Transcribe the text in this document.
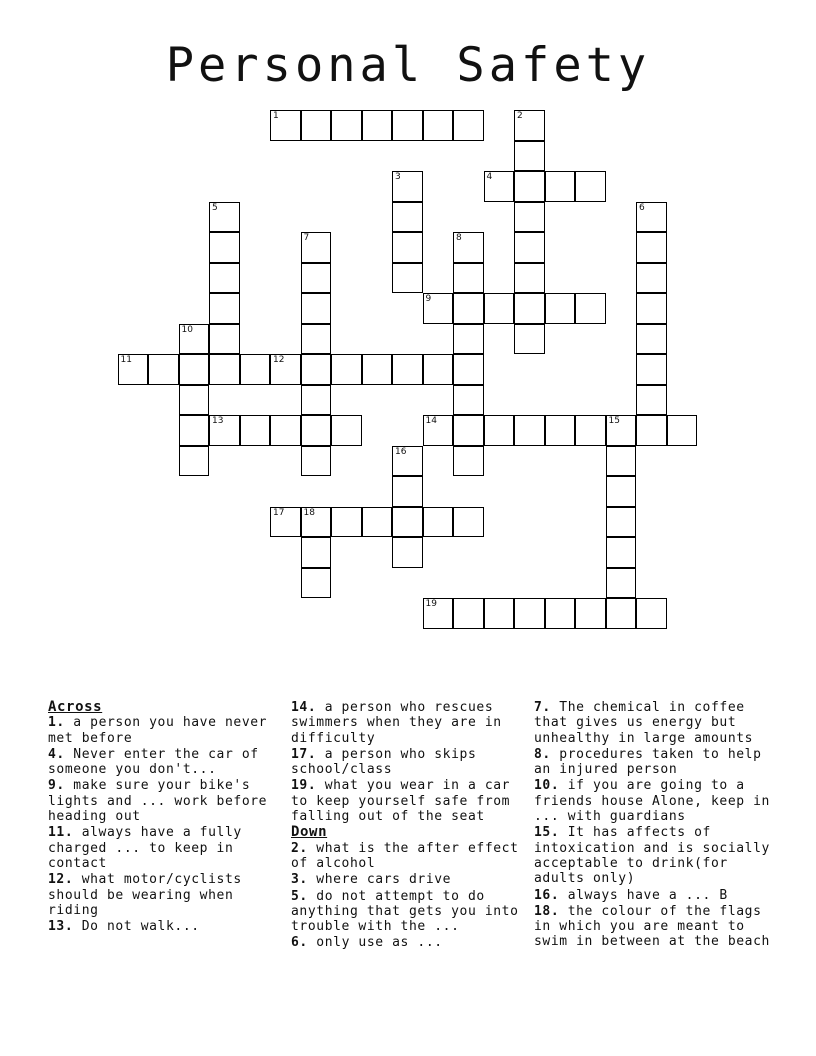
Personal Safety
1	2
3	4
5	6
7	8
9
10
11	12
13	14	15
16
17 18
19
Across
1. a person you have never met before
4. Never enter the car of someone you don't...
9. make sure your bike's lights and ... work before heading out
11. always have a fully charged ... to keep in contact
12. what motor/cyclists should be wearing when riding
13. Do not walk...
14. a person who rescues swimmers when they are in difficulty
17. a person who skips school/class
19. what you wear in a car to keep yourself safe from falling out of the seat
Down
2. what is the after effect of alcohol
3. where cars drive
5. do not attempt to do anything that gets you into trouble with the ...
6. only use as ...
7. The chemical in coffee that gives us energy but unhealthy in large amounts
8. procedures taken to help an injured person
10. if you are going to a friends house Alone, keep in ... with guardians
15. It has affects of intoxication and is socially acceptable to drink(for adults only)
16. always have a ... B
18. the colour of the flags in which you are meant to swim in between at the beach
